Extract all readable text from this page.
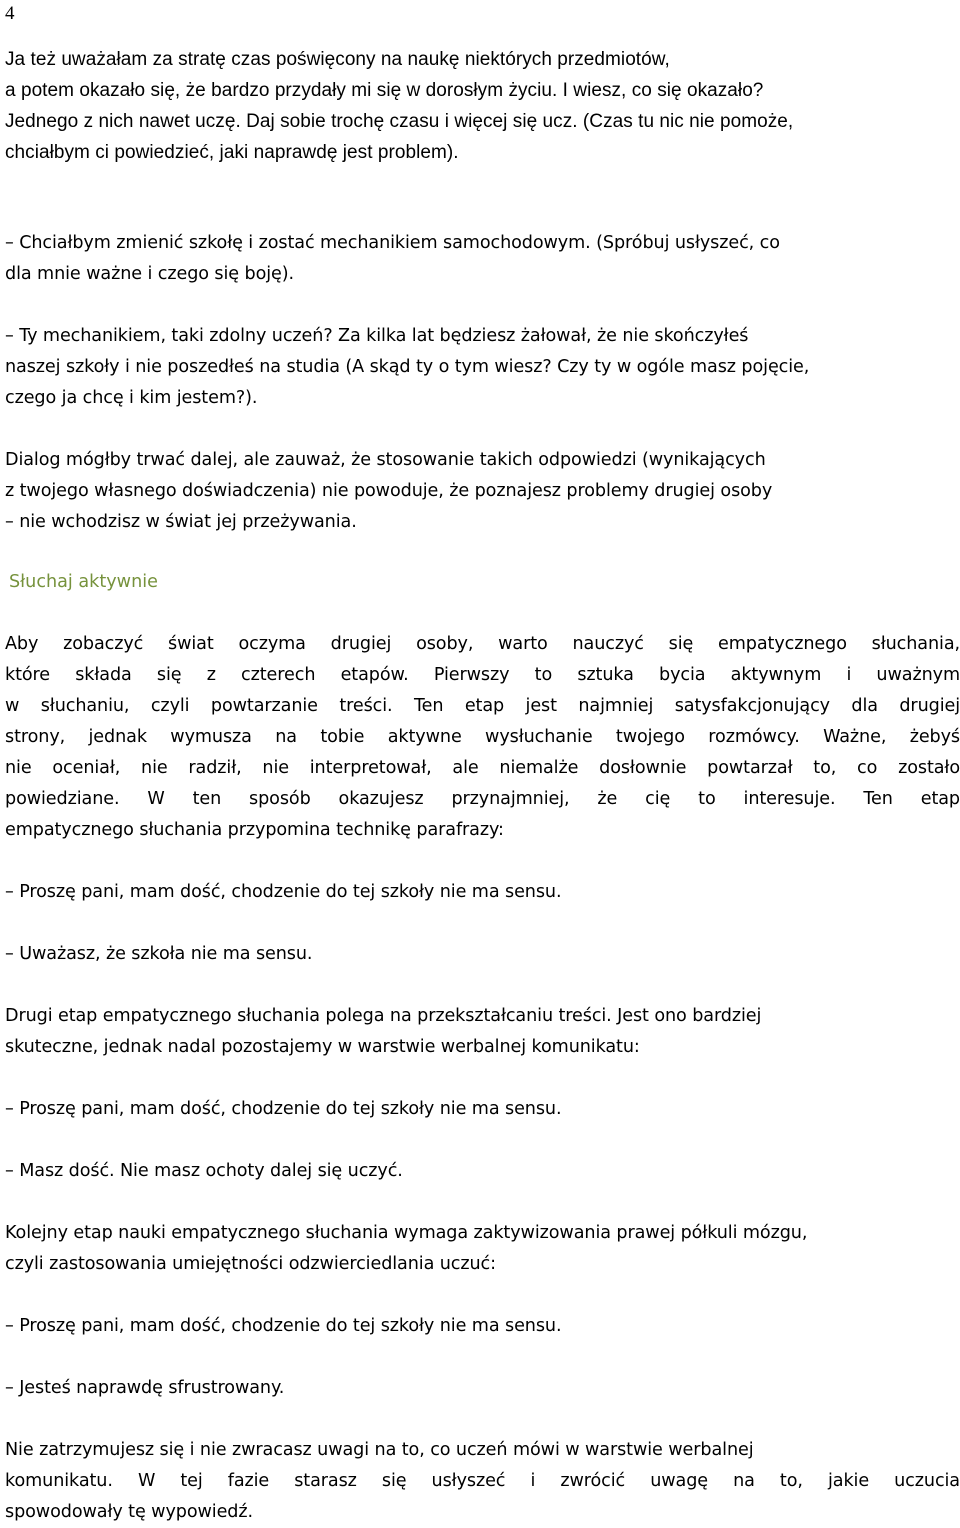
4

Ja też uważałam za stratę czas poświęcony na naukę niektórych przedmiotów,
a potem okazało się, że bardzo przydały mi się w dorosłym życiu. I wiesz, co się okazało?
Jednego z nich nawet uczę. Daj sobie trochę czasu i więcej się ucz. (Czas tu nic nie pomoże,
chciałbym ci powiedzieć, jaki naprawdę jest problem).

– Chciałbym zmienić szkołę i zostać mechanikiem samochodowym. (Spróbuj usłyszeć, co
dla mnie ważne i czego się boję).

– Ty mechanikiem, taki zdolny uczeń? Za kilka lat będziesz żałował, że nie skończyłeś
naszej szkoły i nie poszedłeś na studia (A skąd ty o tym wiesz? Czy ty w ogóle masz pojęcie,
czego ja chcę i kim jestem?).

Dialog mógłby trwać dalej, ale zauważ, że stosowanie takich odpowiedzi (wynikających
z twojego własnego doświadczenia) nie powoduje, że poznajesz problemy drugiej osoby
– nie wchodzisz w świat jej przeżywania.

Słuchaj aktywnie

Aby zobaczyć świat oczyma drugiej osoby, warto nauczyć się empatycznego słuchania,
które składa się z czterech etapów. Pierwszy to sztuka bycia aktywnym i uważnym
w słuchaniu, czyli powtarzanie treści. Ten etap jest najmniej satysfakcjonujący dla drugiej
strony, jednak wymusza na tobie aktywne wysłuchanie twojego rozmówcy. Ważne, żebyś
nie oceniał, nie radził, nie interpretował, ale niemalże dosłownie powtarzał to, co zostało
powiedziane. W ten sposób okazujesz przynajmniej, że cię to interesuje. Ten etap
empatycznego słuchania przypomina technikę parafrazy:

– Proszę pani, mam dość, chodzenie do tej szkoły nie ma sensu.

– Uważasz, że szkoła nie ma sensu.

Drugi etap empatycznego słuchania polega na przekształcaniu treści. Jest ono bardziej
skuteczne, jednak nadal pozostajemy w warstwie werbalnej komunikatu:

– Proszę pani, mam dość, chodzenie do tej szkoły nie ma sensu.

– Masz dość. Nie masz ochoty dalej się uczyć.

Kolejny etap nauki empatycznego słuchania wymaga zaktywizowania prawej półkuli mózgu,
czyli zastosowania umiejętności odzwierciedlania uczuć:

– Proszę pani, mam dość, chodzenie do tej szkoły nie ma sensu.

– Jesteś naprawdę sfrustrowany.

Nie zatrzymujesz się i nie zwracasz uwagi na to, co uczeń mówi w warstwie werbalnej
komunikatu. W tej fazie starasz się usłyszeć i zwrócić uwagę na to, jakie uczucia
spowodowały tę wypowiedź.
